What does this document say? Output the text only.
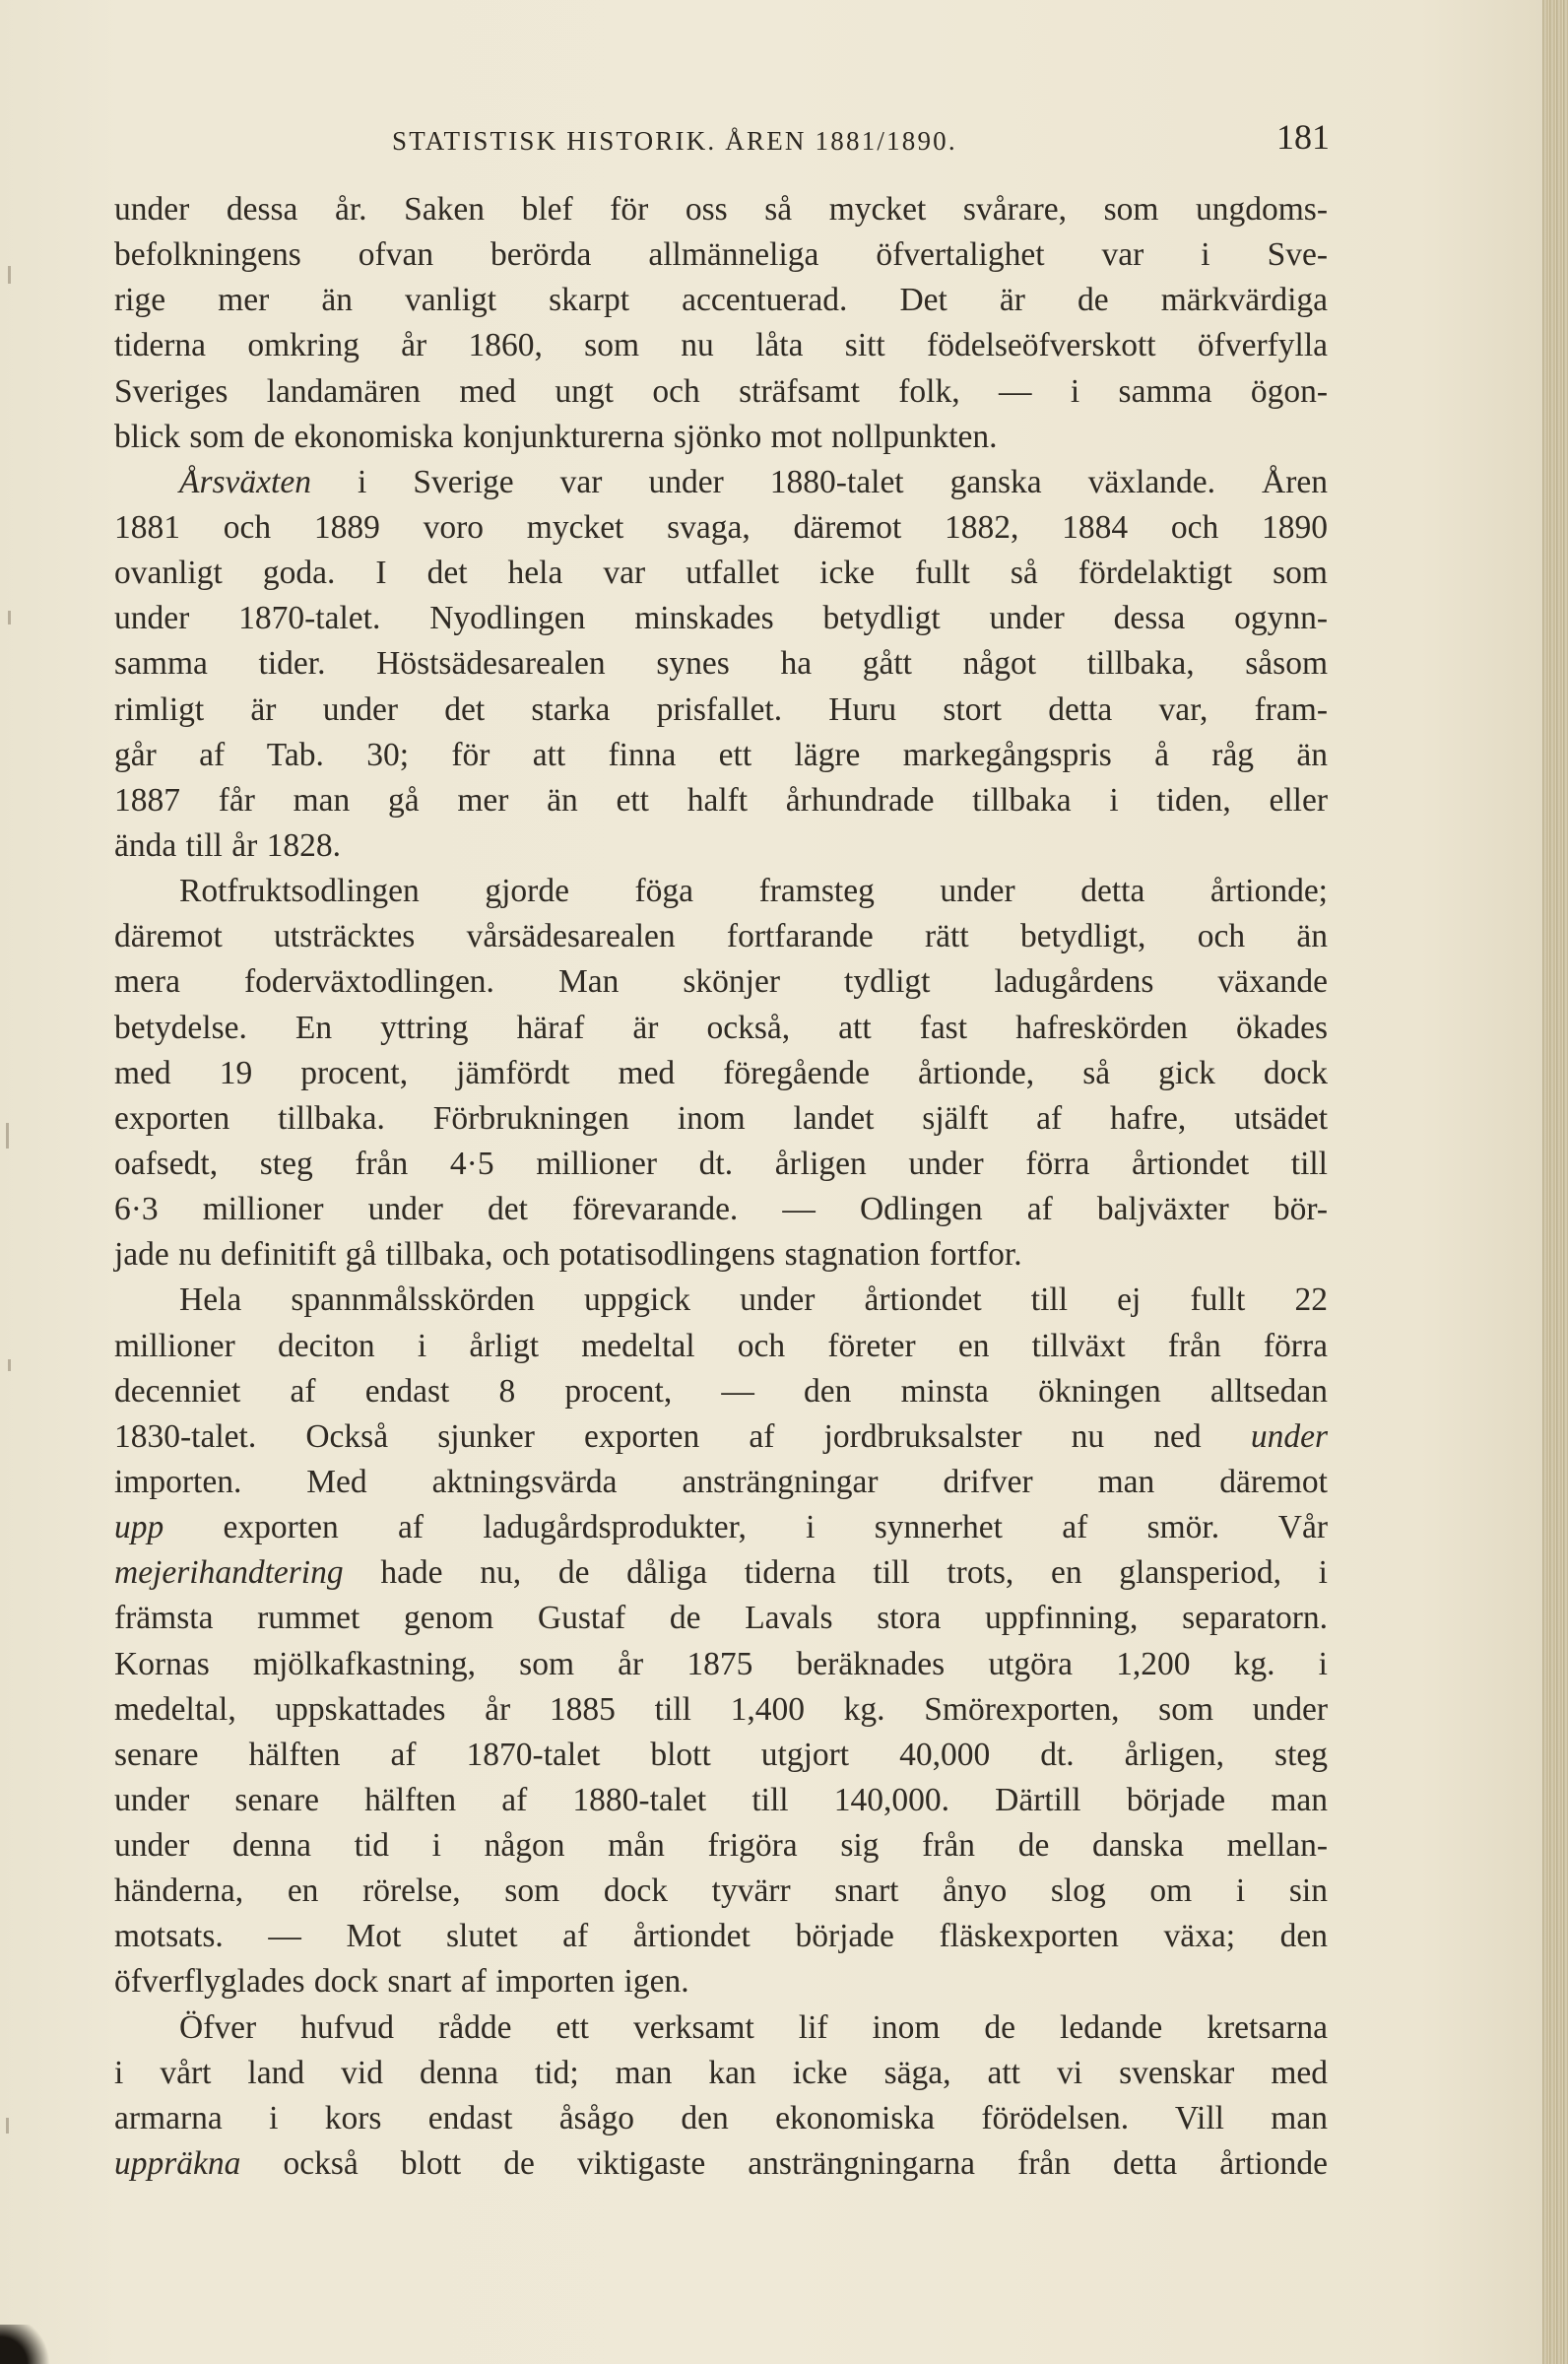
STATISTISK HISTORIK. ÅREN 1881/1890.	181
under dessa år. Saken blef för oss så mycket svårare, som ungdoms-
befolkningens ofvan berörda allmänneliga öfvertalighet var i Sve-
rige mer än vanligt skarpt accentuerad. Det är de märkvärdiga
tiderna omkring år 1860, som nu låta sitt födelseöfverskott öfverfylla
Sveriges landamären med ungt och sträfsamt folk, — i samma ögon-
blick som de ekonomiska konjunkturerna sjönko mot nollpunkten.
Årsväxten i Sverige var under 1880-talet ganska växlande. Åren
1881 och 1889 voro mycket svaga, däremot 1882, 1884 och 1890
ovanligt goda. I det hela var utfallet icke fullt så fördelaktigt som
under 1870-talet. Nyodlingen minskades betydligt under dessa ogynn-
samma tider. Höstsädesarealen synes ha gått något tillbaka, såsom
rimligt är under det starka prisfallet. Huru stort detta var, fram-
går af Tab. 30; för att finna ett lägre markegångspris å råg än
1887 får man gå mer än ett halft århundrade tillbaka i tiden, eller
ända till år 1828.
Rotfruktsodlingen gjorde föga framsteg under detta årtionde;
däremot utsträcktes vårsädesarealen fortfarande rätt betydligt, och än
mera foderväxtodlingen. Man skönjer tydligt ladugårdens växande
betydelse. En yttring häraf är också, att fast hafreskörden ökades
med 19 procent, jämfördt med föregående årtionde, så gick dock
exporten tillbaka. Förbrukningen inom landet själft af hafre, utsädet
oafsedt, steg från 4·5 millioner dt. årligen under förra årtiondet till
6·3 millioner under det förevarande. — Odlingen af baljväxter bör-
jade nu definitift gå tillbaka, och potatisodlingens stagnation fortfor.
Hela spannmålsskörden uppgick under årtiondet till ej fullt 22
millioner deciton i årligt medeltal och företer en tillväxt från förra
decenniet af endast 8 procent, — den minsta ökningen alltsedan
1830-talet. Också sjunker exporten af jordbruksalster nu ned under
importen. Med aktningsvärda ansträngningar drifver man däremot
upp exporten af ladugårdsprodukter, i synnerhet af smör. Vår
mejerihandtering hade nu, de dåliga tiderna till trots, en glansperiod, i
främsta rummet genom Gustaf de Lavals stora uppfinning, separatorn.
Kornas mjölkafkastning, som år 1875 beräknades utgöra 1,200 kg. i
medeltal, uppskattades år 1885 till 1,400 kg. Smörexporten, som under
senare hälften af 1870-talet blott utgjort 40,000 dt. årligen, steg
under senare hälften af 1880-talet till 140,000. Därtill började man
under denna tid i någon mån frigöra sig från de danska mellan-
händerna, en rörelse, som dock tyvärr snart ånyo slog om i sin
motsats. — Mot slutet af årtiondet började fläskexporten växa; den
öfverflyglades dock snart af importen igen.
Öfver hufvud rådde ett verksamt lif inom de ledande kretsarna
i vårt land vid denna tid; man kan icke säga, att vi svenskar med
armarna i kors endast åsågo den ekonomiska förödelsen. Vill man
uppräkna också blott de viktigaste ansträngningarna från detta årtionde
